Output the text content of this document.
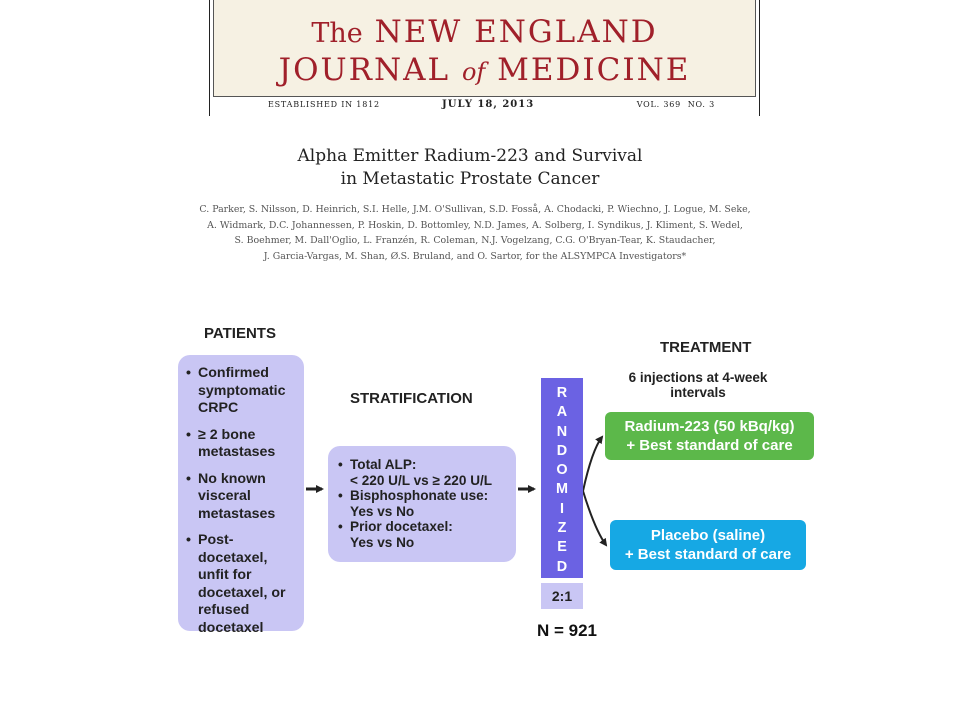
The NEW ENGLAND
JOURNAL of MEDICINE
ESTABLISHED IN 1812	JULY 18, 2013	VOL. 369 NO. 3
Alpha Emitter Radium-223 and Survival
in Metastatic Prostate Cancer
C. Parker, S. Nilsson, D. Heinrich, S.I. Helle, J.M. O'Sullivan, S.D. Fosså, A. Chodacki, P. Wiechno, J. Logue, M. Seke,
A. Widmark, D.C. Johannessen, P. Hoskin, D. Bottomley, N.D. James, A. Solberg, I. Syndikus, J. Kliment, S. Wedel,
S. Boehmer, M. Dall'Oglio, L. Franzén, R. Coleman, N.J. Vogelzang, C.G. O'Bryan-Tear, K. Staudacher,
J. Garcia-Vargas, M. Shan, Ø.S. Bruland, and O. Sartor, for the ALSYMPCA Investigators*
PATIENTS
• Confirmed symptomatic CRPC
• ≥ 2 bone metastases
• No known visceral metastases
• Post-docetaxel, unfit for docetaxel, or refused docetaxel
STRATIFICATION
• Total ALP:
< 220 U/L vs ≥ 220 U/L
• Bisphosphonate use:
Yes vs No
• Prior docetaxel:
Yes vs No
R
A
N
D
O
M
I
Z
E
D
2:1
N = 921
TREATMENT
6 injections at 4-week intervals
Radium-223 (50 kBq/kg)
+ Best standard of care
Placebo (saline)
+ Best standard of care
